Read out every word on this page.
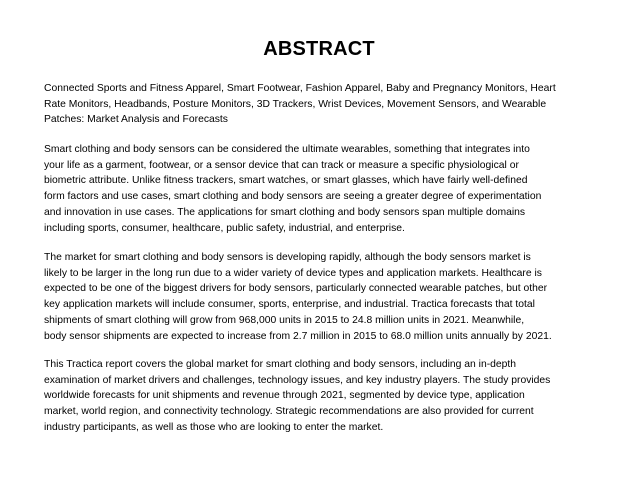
ABSTRACT

Connected Sports and Fitness Apparel, Smart Footwear, Fashion Apparel, Baby and Pregnancy Monitors, Heart
Rate Monitors, Headbands, Posture Monitors, 3D Trackers, Wrist Devices, Movement Sensors, and Wearable
Patches: Market Analysis and Forecasts

Smart clothing and body sensors can be considered the ultimate wearables, something that integrates into
your life as a garment, footwear, or a sensor device that can track or measure a specific physiological or
biometric attribute. Unlike fitness trackers, smart watches, or smart glasses, which have fairly well-defined
form factors and use cases, smart clothing and body sensors are seeing a greater degree of experimentation
and innovation in use cases. The applications for smart clothing and body sensors span multiple domains
including sports, consumer, healthcare, public safety, industrial, and enterprise.

The market for smart clothing and body sensors is developing rapidly, although the body sensors market is
likely to be larger in the long run due to a wider variety of device types and application markets. Healthcare is
expected to be one of the biggest drivers for body sensors, particularly connected wearable patches, but other
key application markets will include consumer, sports, enterprise, and industrial. Tractica forecasts that total
shipments of smart clothing will grow from 968,000 units in 2015 to 24.8 million units in 2021. Meanwhile,
body sensor shipments are expected to increase from 2.7 million in 2015 to 68.0 million units annually by 2021.

This Tractica report covers the global market for smart clothing and body sensors, including an in-depth
examination of market drivers and challenges, technology issues, and key industry players. The study provides
worldwide forecasts for unit shipments and revenue through 2021, segmented by device type, application
market, world region, and connectivity technology. Strategic recommendations are also provided for current
industry participants, as well as those who are looking to enter the market.
